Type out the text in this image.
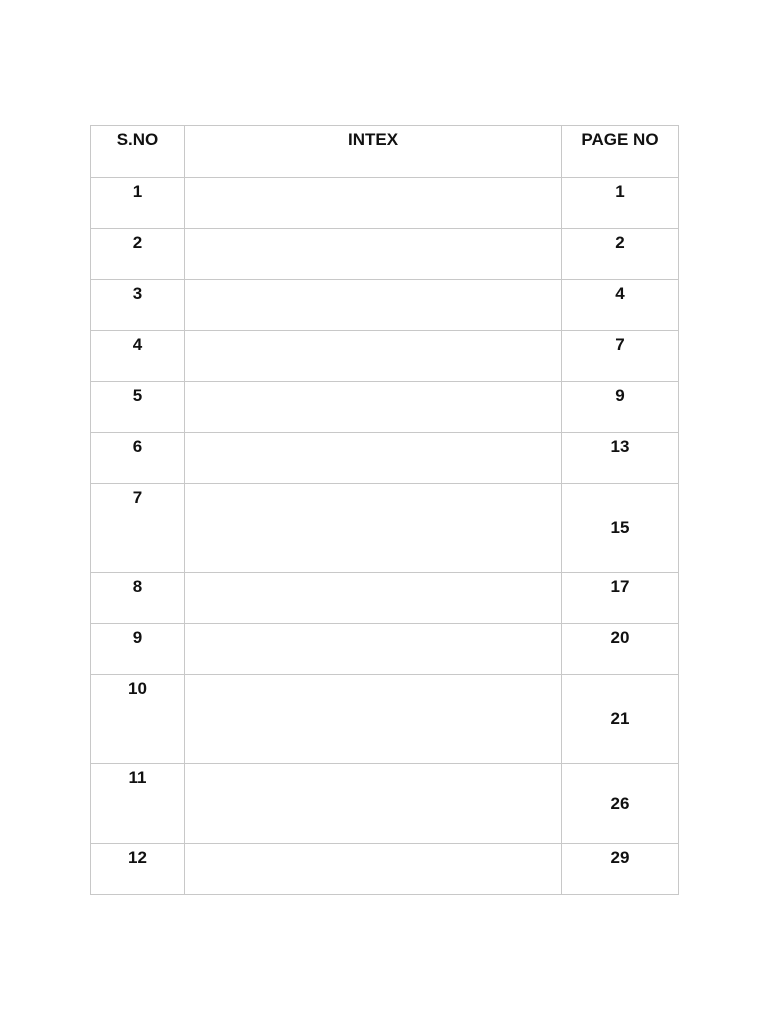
S.NO	INTEX	PAGE NO

1		1

2		2

3		4

4		7

5		9

6		13

7		15

8		17

9		20

10		21

11		26

12		29
